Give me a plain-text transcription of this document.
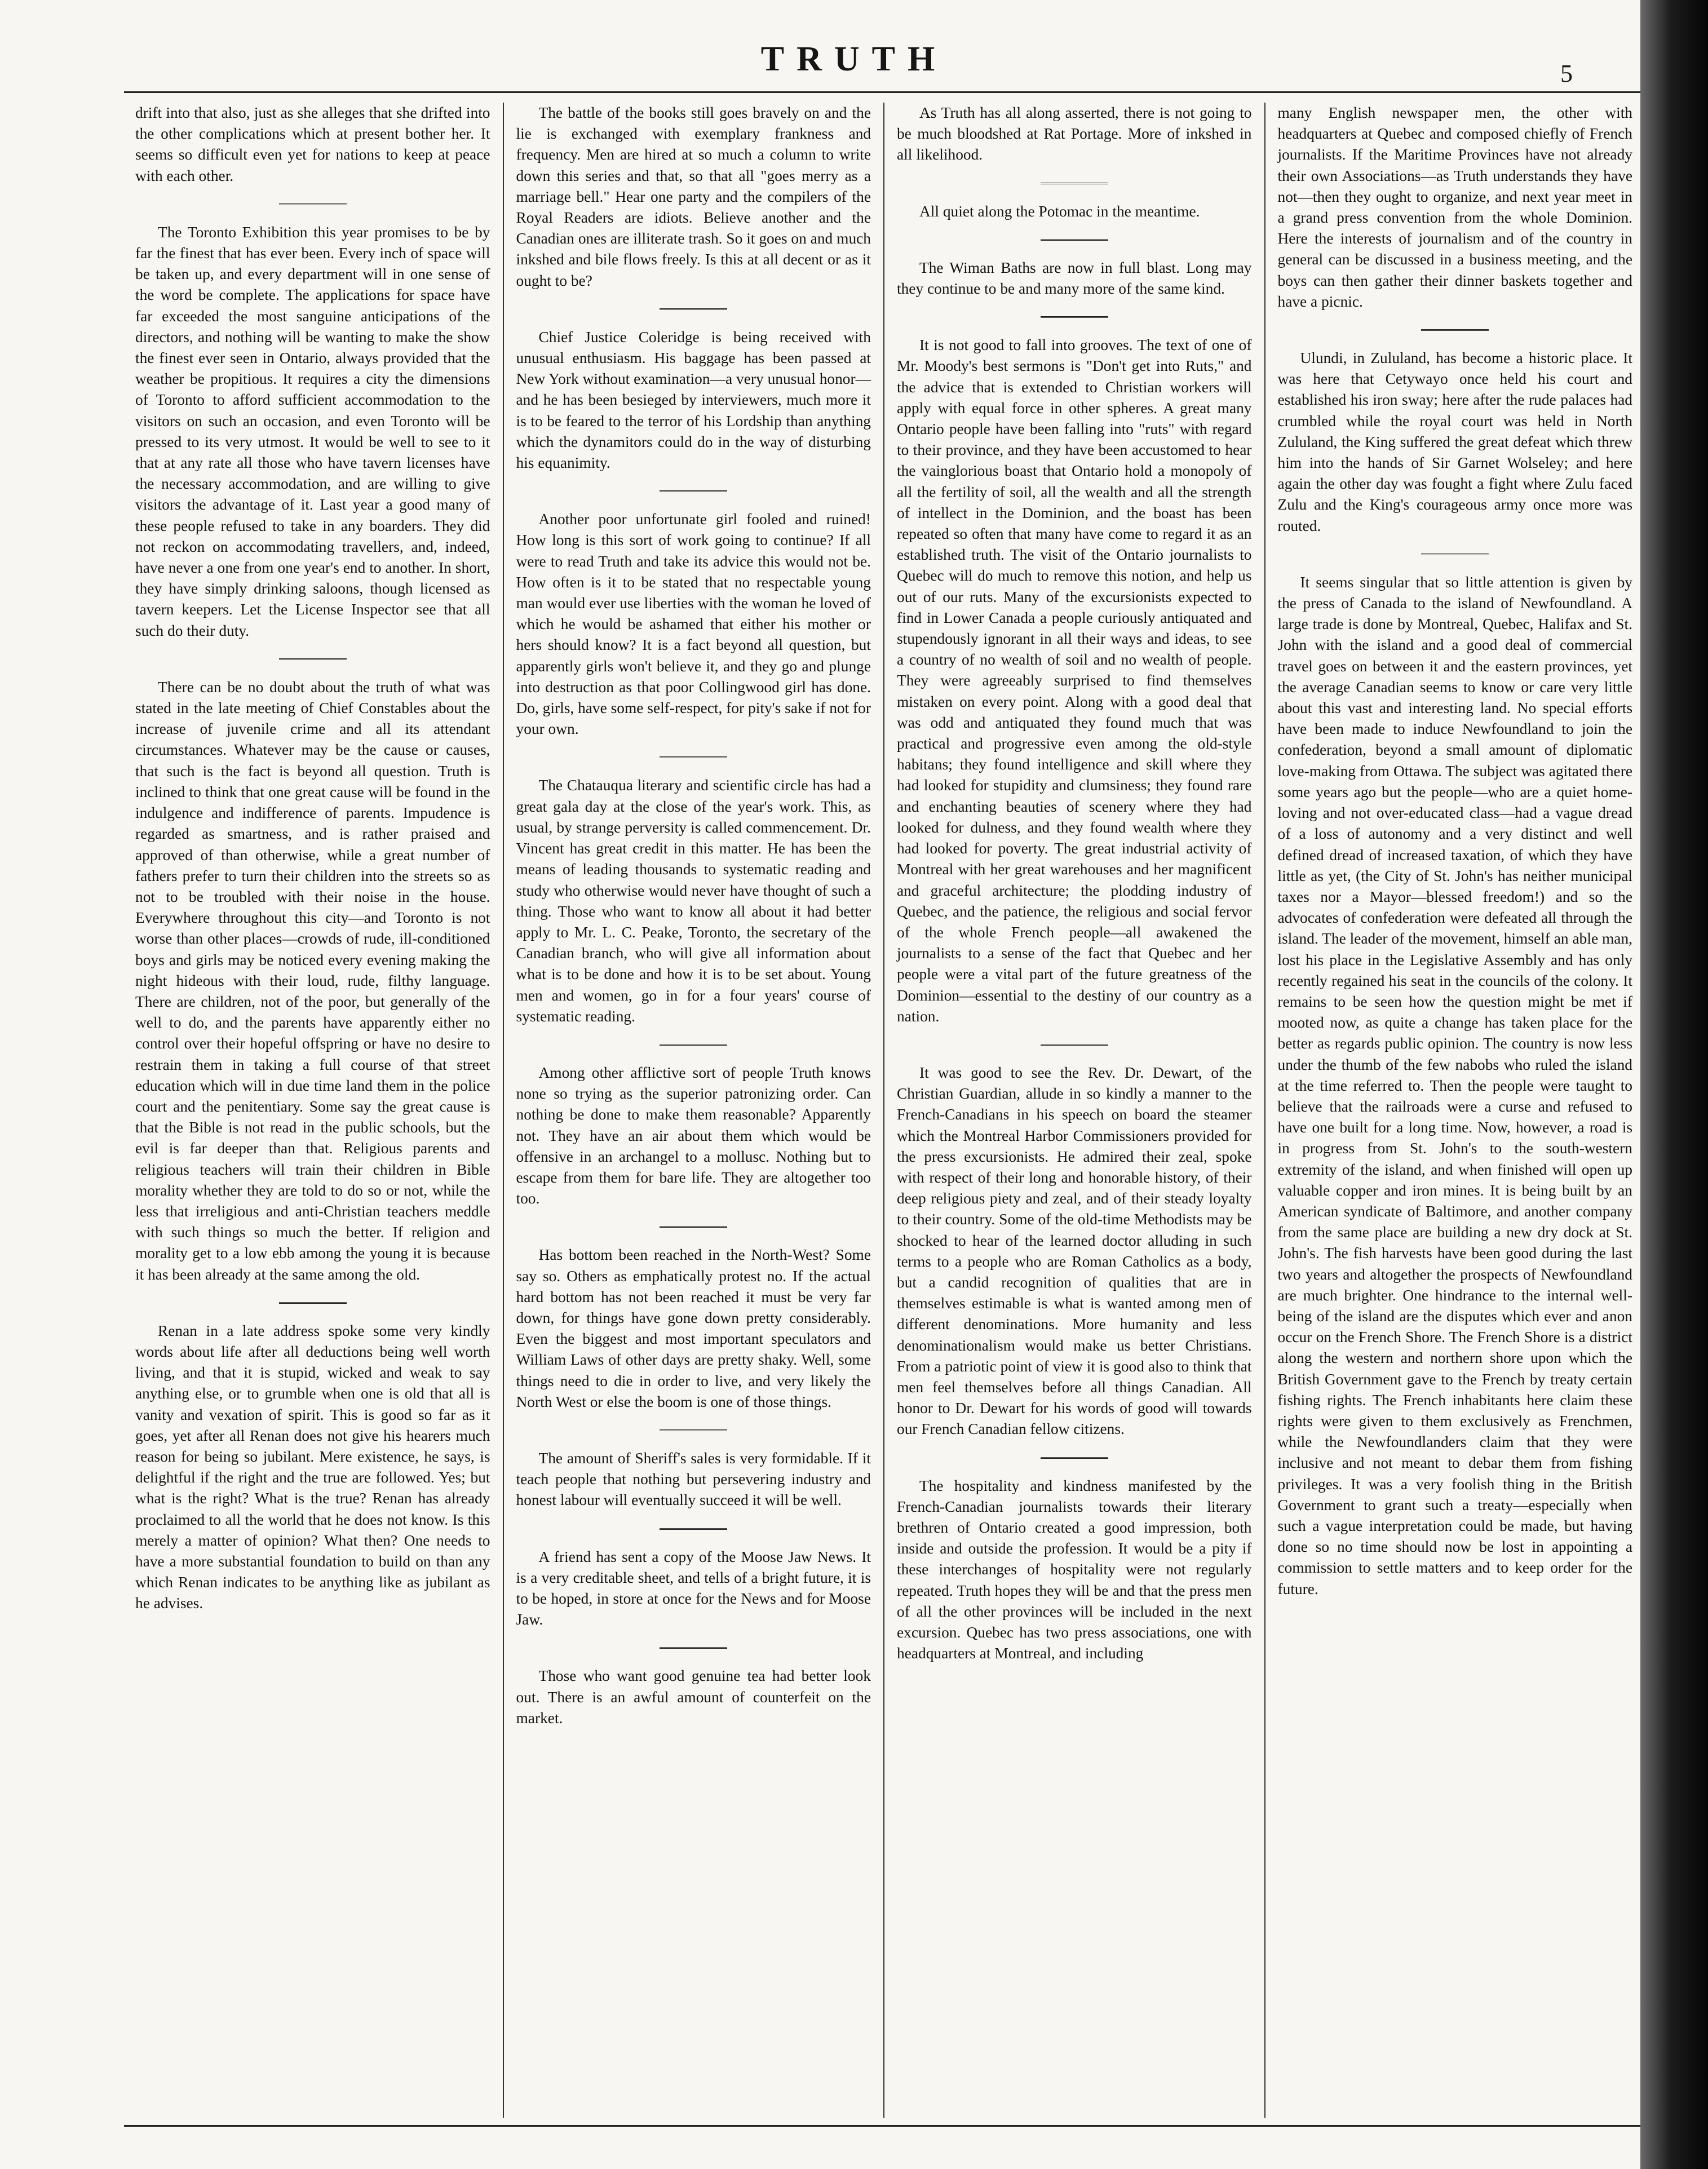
TRUTH	5

drift into that also, just as she alleges that she drifted into the other complications which at present bother her. It seems so difficult even yet for nations to keep at peace with each other.

The Toronto Exhibition this year promises to be by far the finest that has ever been. Every inch of space will be taken up, and every department will in one sense of the word be complete. The applications for space have far exceeded the most sanguine anticipations of the directors, and nothing will be wanting to make the show the finest ever seen in Ontario, always provided that the weather be propitious. It requires a city the dimensions of Toronto to afford sufficient accommodation to the visitors on such an occasion, and even Toronto will be pressed to its very utmost. It would be well to see to it that at any rate all those who have tavern licenses have the necessary accommodation, and are willing to give visitors the advantage of it. Last year a good many of these people refused to take in any boarders. They did not reckon on accommodating travellers, and, indeed, have never a one from one year's end to another. In short, they have simply drinking saloons, though licensed as tavern keepers. Let the License Inspector see that all such do their duty.

There can be no doubt about the truth of what was stated in the late meeting of Chief Constables about the increase of juvenile crime and all its attendant circumstances. Whatever may be the cause or causes, that such is the fact is beyond all question. Truth is inclined to think that one great cause will be found in the indulgence and indifference of parents. Impudence is regarded as smartness, and is rather praised and approved of than otherwise, while a great number of fathers prefer to turn their children into the streets so as not to be troubled with their noise in the house. Everywhere throughout this city—and Toronto is not worse than other places—crowds of rude, ill-conditioned boys and girls may be noticed every evening making the night hideous with their loud, rude, filthy language. There are children, not of the poor, but generally of the well to do, and the parents have apparently either no control over their hopeful offspring or have no desire to restrain them in taking a full course of that street education which will in due time land them in the police court and the penitentiary. Some say the great cause is that the Bible is not read in the public schools, but the evil is far deeper than that. Religious parents and religious teachers will train their children in Bible morality whether they are told to do so or not, while the less that irreligious and anti-Christian teachers meddle with such things so much the better. If religion and morality get to a low ebb among the young it is because it has been already at the same among the old.

Renan in a late address spoke some very kindly words about life after all deductions being well worth living, and that it is stupid, wicked and weak to say anything else, or to grumble when one is old that all is vanity and vexation of spirit. This is good so far as it goes, yet after all Renan does not give his hearers much reason for being so jubilant. Mere existence, he says, is delightful if the right and the true are followed. Yes; but what is the right? What is the true? Renan has already proclaimed to all the world that he does not know. Is this merely a matter of opinion? What then? One needs to have a more substantial foundation to build on than any which Renan indicates to be anything like as jubilant as he advises.

The battle of the books still goes bravely on and the lie is exchanged with exemplary frankness and frequency. Men are hired at so much a column to write down this series and that, so that all "goes merry as a marriage bell." Hear one party and the compilers of the Royal Readers are idiots. Believe another and the Canadian ones are illiterate trash. So it goes on and much inkshed and bile flows freely. Is this at all decent or as it ought to be?

Chief Justice Coleridge is being received with unusual enthusiasm. His baggage has been passed at New York without examination—a very unusual honor—and he has been besieged by interviewers, much more it is to be feared to the terror of his Lordship than anything which the dynamitors could do in the way of disturbing his equanimity.

Another poor unfortunate girl fooled and ruined! How long is this sort of work going to continue? If all were to read Truth and take its advice this would not be. How often is it to be stated that no respectable young man would ever use liberties with the woman he loved of which he would be ashamed that either his mother or hers should know? It is a fact beyond all question, but apparently girls won't believe it, and they go and plunge into destruction as that poor Collingwood girl has done. Do, girls, have some self-respect, for pity's sake if not for your own.

The Chatauqua literary and scientific circle has had a great gala day at the close of the year's work. This, as usual, by strange perversity is called commencement. Dr. Vincent has great credit in this matter. He has been the means of leading thousands to systematic reading and study who otherwise would never have thought of such a thing. Those who want to know all about it had better apply to Mr. L. C. Peake, Toronto, the secretary of the Canadian branch, who will give all information about what is to be done and how it is to be set about. Young men and women, go in for a four years' course of systematic reading.

Among other afflictive sort of people Truth knows none so trying as the superior patronizing order. Can nothing be done to make them reasonable? Apparently not. They have an air about them which would be offensive in an archangel to a mollusc. Nothing but to escape from them for bare life. They are altogether too too.

Has bottom been reached in the North-West? Some say so. Others as emphatically protest no. If the actual hard bottom has not been reached it must be very far down, for things have gone down pretty considerably. Even the biggest and most important speculators and William Laws of other days are pretty shaky. Well, some things need to die in order to live, and very likely the North West or else the boom is one of those things.

The amount of Sheriff's sales is very formidable. If it teach people that nothing but persevering industry and honest labour will eventually succeed it will be well.

A friend has sent a copy of the Moose Jaw News. It is a very creditable sheet, and tells of a bright future, it is to be hoped, in store at once for the News and for Moose Jaw.

Those who want good genuine tea had better look out. There is an awful amount of counterfeit on the market.

As Truth has all along asserted, there is not going to be much bloodshed at Rat Portage. More of inkshed in all likelihood.

All quiet along the Potomac in the meantime.

The Wiman Baths are now in full blast. Long may they continue to be and many more of the same kind.

It is not good to fall into grooves. The text of one of Mr. Moody's best sermons is "Don't get into Ruts," and the advice that is extended to Christian workers will apply with equal force in other spheres. A great many Ontario people have been falling into "ruts" with regard to their province, and they have been accustomed to hear the vainglorious boast that Ontario hold a monopoly of all the fertility of soil, all the wealth and all the strength of intellect in the Dominion, and the boast has been repeated so often that many have come to regard it as an established truth. The visit of the Ontario journalists to Quebec will do much to remove this notion, and help us out of our ruts. Many of the excursionists expected to find in Lower Canada a people curiously antiquated and stupendously ignorant in all their ways and ideas, to see a country of no wealth of soil and no wealth of people. They were agreeably surprised to find themselves mistaken on every point. Along with a good deal that was odd and antiquated they found much that was practical and progressive even among the old-style habitans; they found intelligence and skill where they had looked for stupidity and clumsiness; they found rare and enchanting beauties of scenery where they had looked for dulness, and they found wealth where they had looked for poverty. The great industrial activity of Montreal with her great warehouses and her magnificent and graceful architecture; the plodding industry of Quebec, and the patience, the religious and social fervor of the whole French people—all awakened the journalists to a sense of the fact that Quebec and her people were a vital part of the future greatness of the Dominion—essential to the destiny of our country as a nation.

It was good to see the Rev. Dr. Dewart, of the Christian Guardian, allude in so kindly a manner to the French-Canadians in his speech on board the steamer which the Montreal Harbor Commissioners provided for the press excursionists. He admired their zeal, spoke with respect of their long and honorable history, of their deep religious piety and zeal, and of their steady loyalty to their country. Some of the old-time Methodists may be shocked to hear of the learned doctor alluding in such terms to a people who are Roman Catholics as a body, but a candid recognition of qualities that are in themselves estimable is what is wanted among men of different denominations. More humanity and less denominationalism would make us better Christians. From a patriotic point of view it is good also to think that men feel themselves before all things Canadian. All honor to Dr. Dewart for his words of good will towards our French Canadian fellow citizens.

The hospitality and kindness manifested by the French-Canadian journalists towards their literary brethren of Ontario created a good impression, both inside and outside the profession. It would be a pity if these interchanges of hospitality were not regularly repeated. Truth hopes they will be and that the press men of all the other provinces will be included in the next excursion. Quebec has two press associations, one with headquarters at Montreal, and including

many English newspaper men, the other with headquarters at Quebec and composed chiefly of French journalists. If the Maritime Provinces have not already their own Associations—as Truth understands they have not—then they ought to organize, and next year meet in a grand press convention from the whole Dominion. Here the interests of journalism and of the country in general can be discussed in a business meeting, and the boys can then gather their dinner baskets together and have a picnic.

Ulundi, in Zululand, has become a historic place. It was here that Cetywayo once held his court and established his iron sway; here after the rude palaces had crumbled while the royal court was held in North Zululand, the King suffered the great defeat which threw him into the hands of Sir Garnet Wolseley; and here again the other day was fought a fight where Zulu faced Zulu and the King's courageous army once more was routed.

It seems singular that so little attention is given by the press of Canada to the island of Newfoundland. A large trade is done by Montreal, Quebec, Halifax and St. John with the island and a good deal of commercial travel goes on between it and the eastern provinces, yet the average Canadian seems to know or care very little about this vast and interesting land. No special efforts have been made to induce Newfoundland to join the confederation, beyond a small amount of diplomatic love-making from Ottawa. The subject was agitated there some years ago but the people—who are a quiet home-loving and not over-educated class—had a vague dread of a loss of autonomy and a very distinct and well defined dread of increased taxation, of which they have little as yet, (the City of St. John's has neither municipal taxes nor a Mayor—blessed freedom!) and so the advocates of confederation were defeated all through the island. The leader of the movement, himself an able man, lost his place in the Legislative Assembly and has only recently regained his seat in the councils of the colony. It remains to be seen how the question might be met if mooted now, as quite a change has taken place for the better as regards public opinion. The country is now less under the thumb of the few nabobs who ruled the island at the time referred to. Then the people were taught to believe that the railroads were a curse and refused to have one built for a long time. Now, however, a road is in progress from St. John's to the south-western extremity of the island, and when finished will open up valuable copper and iron mines. It is being built by an American syndicate of Baltimore, and another company from the same place are building a new dry dock at St. John's. The fish harvests have been good during the last two years and altogether the prospects of Newfoundland are much brighter. One hindrance to the internal well-being of the island are the disputes which ever and anon occur on the French Shore. The French Shore is a district along the western and northern shore upon which the British Government gave to the French by treaty certain fishing rights. The French inhabitants here claim these rights were given to them exclusively as Frenchmen, while the Newfoundlanders claim that they were inclusive and not meant to debar them from fishing privileges. It was a very foolish thing in the British Government to grant such a treaty—especially when such a vague interpretation could be made, but having done so no time should now be lost in appointing a commission to settle matters and to keep order for the future.
